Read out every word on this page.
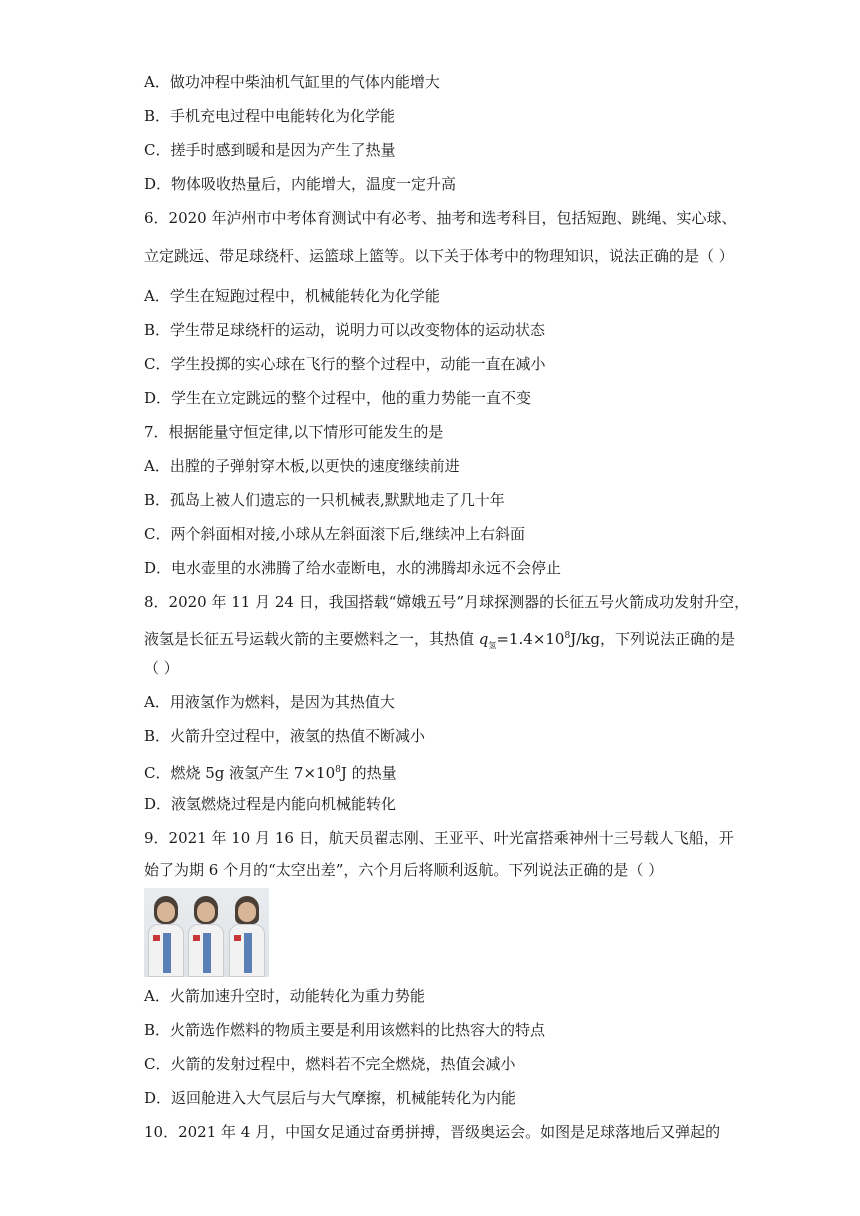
A．做功冲程中柴油机气缸里的气体内能增大
B．手机充电过程中电能转化为化学能
C．搓手时感到暖和是因为产生了热量
D．物体吸收热量后，内能增大，温度一定升高
6．2020 年泸州市中考体育测试中有必考、抽考和选考科目，包括短跑、跳绳、实心球、
立定跳远、带足球绕杆、运篮球上篮等。以下关于体考中的物理知识，说法正确的是（ ）
A．学生在短跑过程中，机械能转化为化学能
B．学生带足球绕杆的运动，说明力可以改变物体的运动状态
C．学生投掷的实心球在飞行的整个过程中，动能一直在减小
D．学生在立定跳远的整个过程中，他的重力势能一直不变
7．根据能量守恒定律,以下情形可能发生的是
A．出膛的子弹射穿木板,以更快的速度继续前进
B．孤岛上被人们遗忘的一只机械表,默默地走了几十年
C．两个斜面相对接,小球从左斜面滚下后,继续冲上右斜面
D．电水壶里的水沸腾了给水壶断电，水的沸腾却永远不会停止
8．2020 年 11 月 24 日，我国搭载“嫦娥五号”月球探测器的长征五号火箭成功发射升空，
液氢是长征五号运载火箭的主要燃料之一，其热值 $q_氢=1.4\times 10^8J/kg$，下列说法正确的是
（ ）
A．用液氢作为燃料，是因为其热值大
B．火箭升空过程中，液氢的热值不断减小
C．燃烧 5g 液氢产生 $7\times 10^8J$ 的热量
D．液氢燃烧过程是内能向机械能转化
9．2021 年 10 月 16 日，航天员翟志刚、王亚平、叶光富搭乘神州十三号载人飞船，开
始了为期 6 个月的“太空出差”，六个月后将顺利返航。下列说法正确的是（ ）
A．火箭加速升空时，动能转化为重力势能
B．火箭选作燃料的物质主要是利用该燃料的比热容大的特点
C．火箭的发射过程中，燃料若不完全燃烧，热值会减小
D．返回舱进入大气层后与大气摩擦，机械能转化为内能
10．2021 年 4 月，中国女足通过奋勇拼搏，晋级奥运会。如图是足球落地后又弹起的
